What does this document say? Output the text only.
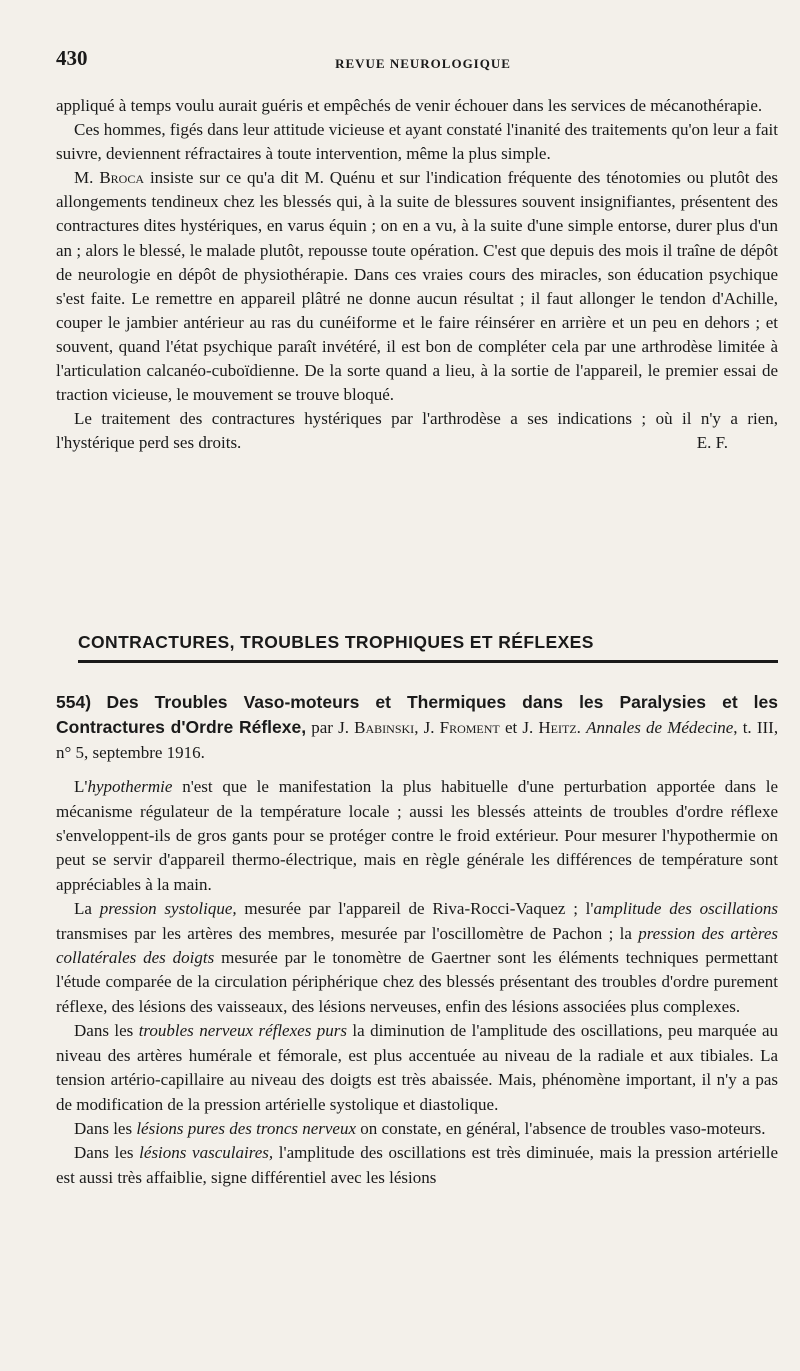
430	REVUE NEUROLOGIQUE

appliqué à temps voulu aurait guéris et empêchés de venir échouer dans les services de mécanothérapie.

Ces hommes, figés dans leur attitude vicieuse et ayant constaté l'inanité des traitements qu'on leur a fait suivre, deviennent réfractaires à toute intervention, même la plus simple.

M. Broca insiste sur ce qu'a dit M. Quénu et sur l'indication fréquente des ténotomies ou plutôt des allongements tendineux chez les blessés qui, à la suite de blessures souvent insignifiantes, présentent des contractures dites hystériques, en varus équin ; on en a vu, à la suite d'une simple entorse, durer plus d'un an ; alors le blessé, le malade plutôt, repousse toute opération. C'est que depuis des mois il traîne de dépôt de neurologie en dépôt de physiothérapie. Dans ces vraies cours des miracles, son éducation psychique s'est faite. Le remettre en appareil plâtré ne donne aucun résultat ; il faut allonger le tendon d'Achille, couper le jambier antérieur au ras du cunéiforme et le faire réinsérer en arrière et un peu en dehors ; et souvent, quand l'état psychique paraît invétéré, il est bon de compléter cela par une arthrodèse limitée à l'articulation calcanéo-cuboïdienne. De la sorte quand a lieu, à la sortie de l'appareil, le premier essai de traction vicieuse, le mouvement se trouve bloqué.

Le traitement des contractures hystériques par l'arthrodèse a ses indications ; où il n'y a rien, l'hystérique perd ses droits.	E. F.

CONTRACTURES, TROUBLES TROPHIQUES ET RÉFLEXES

554) Des Troubles Vaso-moteurs et Thermiques dans les Paralysies et les Contractures d'Ordre Réflexe, par J. Babinski, J. Froment et J. Heitz. Annales de Médecine, t. III, n° 5, septembre 1916.

L'hypothermie n'est que le manifestation la plus habituelle d'une perturbation apportée dans le mécanisme régulateur de la température locale ; aussi les blessés atteints de troubles d'ordre réflexe s'enveloppent-ils de gros gants pour se protéger contre le froid extérieur. Pour mesurer l'hypothermie on peut se servir d'appareil thermo-électrique, mais en règle générale les différences de température sont appréciables à la main.

La pression systolique, mesurée par l'appareil de Riva-Rocci-Vaquez ; l'amplitude des oscillations transmises par les artères des membres, mesurée par l'oscillomètre de Pachon ; la pression des artères collatérales des doigts mesurée par le tonomètre de Gaertner sont les éléments techniques permettant l'étude comparée de la circulation périphérique chez des blessés présentant des troubles d'ordre purement réflexe, des lésions des vaisseaux, des lésions nerveuses, enfin des lésions associées plus complexes.

Dans les troubles nerveux réflexes purs la diminution de l'amplitude des oscillations, peu marquée au niveau des artères humérale et fémorale, est plus accentuée au niveau de la radiale et aux tibiales. La tension artério-capillaire au niveau des doigts est très abaissée. Mais, phénomène important, il n'y a pas de modification de la pression artérielle systolique et diastolique.

Dans les lésions pures des troncs nerveux on constate, en général, l'absence de troubles vaso-moteurs.

Dans les lésions vasculaires, l'amplitude des oscillations est très diminuée, mais la pression artérielle est aussi très affaiblie, signe différentiel avec les lésions
